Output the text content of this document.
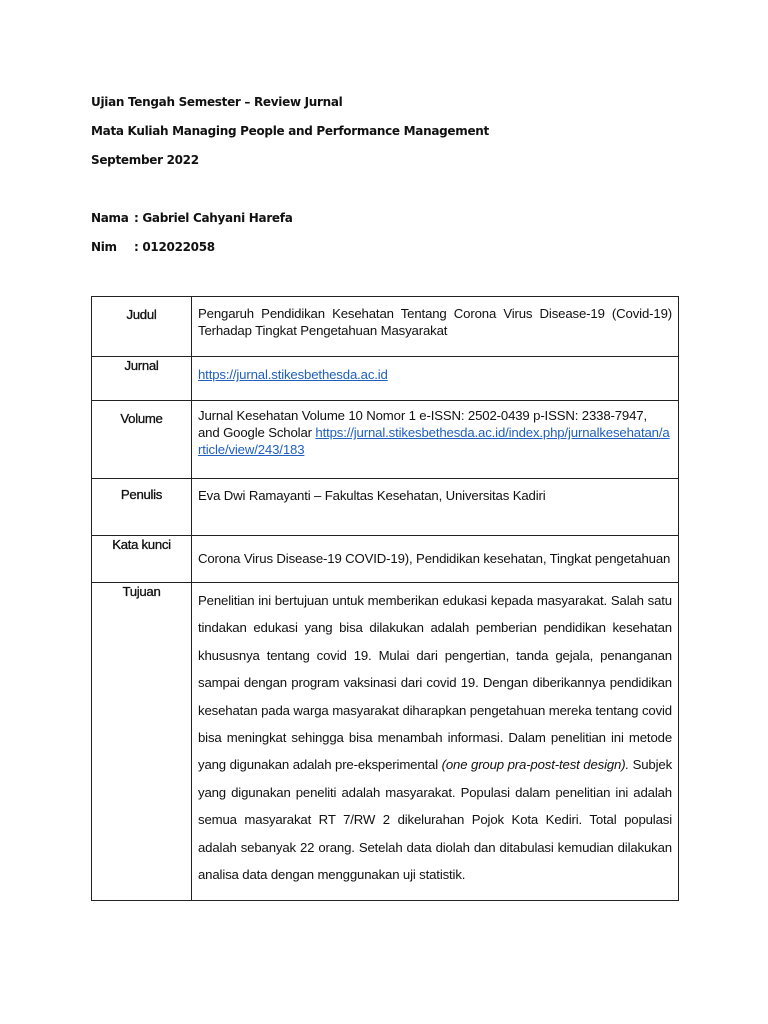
Ujian Tengah Semester – Review Jurnal
Mata Kuliah Managing People and Performance Management
September 2022
Nama : Gabriel Cahyani Harefa
Nim : 012022058
Judul	Pengaruh Pendidikan Kesehatan Tentang Corona Virus Disease-19 (Covid-19) Terhadap Tingkat Pengetahuan Masyarakat
Jurnal	https://jurnal.stikesbethesda.ac.id
Volume	Jurnal Kesehatan Volume 10 Nomor 1 e-ISSN: 2502-0439 p-ISSN: 2338-7947, and Google Scholar https://jurnal.stikesbethesda.ac.id/index.php/jurnalkesehatan/article/view/243/183
Penulis	Eva Dwi Ramayanti – Fakultas Kesehatan, Universitas Kadiri
Kata kunci	Corona Virus Disease-19 COVID-19), Pendidikan kesehatan, Tingkat pengetahuan
Tujuan	Penelitian ini bertujuan untuk memberikan edukasi kepada masyarakat. Salah satu tindakan edukasi yang bisa dilakukan adalah pemberian pendidikan kesehatan khususnya tentang covid 19. Mulai dari pengertian, tanda gejala, penanganan sampai dengan program vaksinasi dari covid 19. Dengan diberikannya pendidikan kesehatan pada warga masyarakat diharapkan pengetahuan mereka tentang covid bisa meningkat sehingga bisa menambah informasi. Dalam penelitian ini metode yang digunakan adalah pre-eksperimental (one group pra-post-test design). Subjek yang digunakan peneliti adalah masyarakat. Populasi dalam penelitian ini adalah semua masyarakat RT 7/RW 2 dikelurahan Pojok Kota Kediri. Total populasi adalah sebanyak 22 orang. Setelah data diolah dan ditabulasi kemudian dilakukan analisa data dengan menggunakan uji statistik.
